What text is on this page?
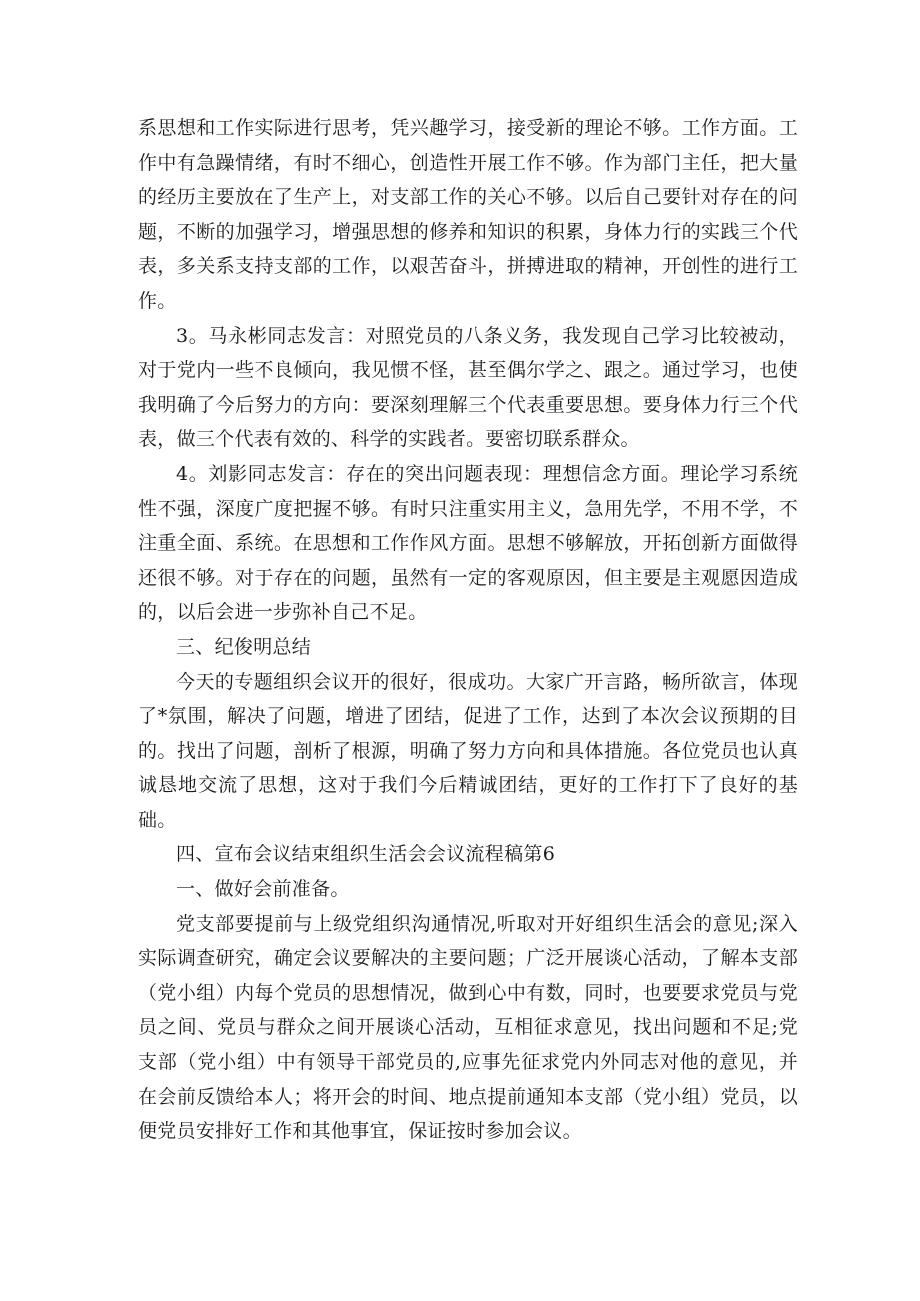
系思想和工作实际进行思考，凭兴趣学习，接受新的理论不够。工作方面。工作中有急躁情绪，有时不细心，创造性开展工作不够。作为部门主任，把大量的经历主要放在了生产上，对支部工作的关心不够。以后自己要针对存在的问题，不断的加强学习，增强思想的修养和知识的积累，身体力行的实践三个代表，多关系支持支部的工作，以艰苦奋斗，拼搏进取的精神，开创性的进行工作。

3。马永彬同志发言：对照党员的八条义务，我发现自己学习比较被动，对于党内一些不良倾向，我见惯不怪，甚至偶尔学之、跟之。通过学习，也使我明确了今后努力的方向：要深刻理解三个代表重要思想。要身体力行三个代表，做三个代表有效的、科学的实践者。要密切联系群众。

4。刘影同志发言：存在的突出问题表现：理想信念方面。理论学习系统性不强，深度广度把握不够。有时只注重实用主义，急用先学，不用不学，不注重全面、系统。在思想和工作作风方面。思想不够解放，开拓创新方面做得还很不够。对于存在的问题，虽然有一定的客观原因，但主要是主观愿因造成的，以后会进一步弥补自己不足。

三、纪俊明总结

今天的专题组织会议开的很好，很成功。大家广开言路，畅所欲言，体现了*氛围，解决了问题，增进了团结，促进了工作，达到了本次会议预期的目的。找出了问题，剖析了根源，明确了努力方向和具体措施。各位党员也认真诚恳地交流了思想，这对于我们今后精诚团结，更好的工作打下了良好的基础。

四、宣布会议结束组织生活会会议流程稿第6

一、做好会前准备。

党支部要提前与上级党组织沟通情况,听取对开好组织生活会的意见;深入实际调查研究，确定会议要解决的主要问题；广泛开展谈心活动，了解本支部（党小组）内每个党员的思想情况，做到心中有数，同时，也要要求党员与党员之间、党员与群众之间开展谈心活动，互相征求意见，找出问题和不足;党支部（党小组）中有领导干部党员的,应事先征求党内外同志对他的意见，并在会前反馈给本人；将开会的时间、地点提前通知本支部（党小组）党员，以便党员安排好工作和其他事宜，保证按时参加会议。
